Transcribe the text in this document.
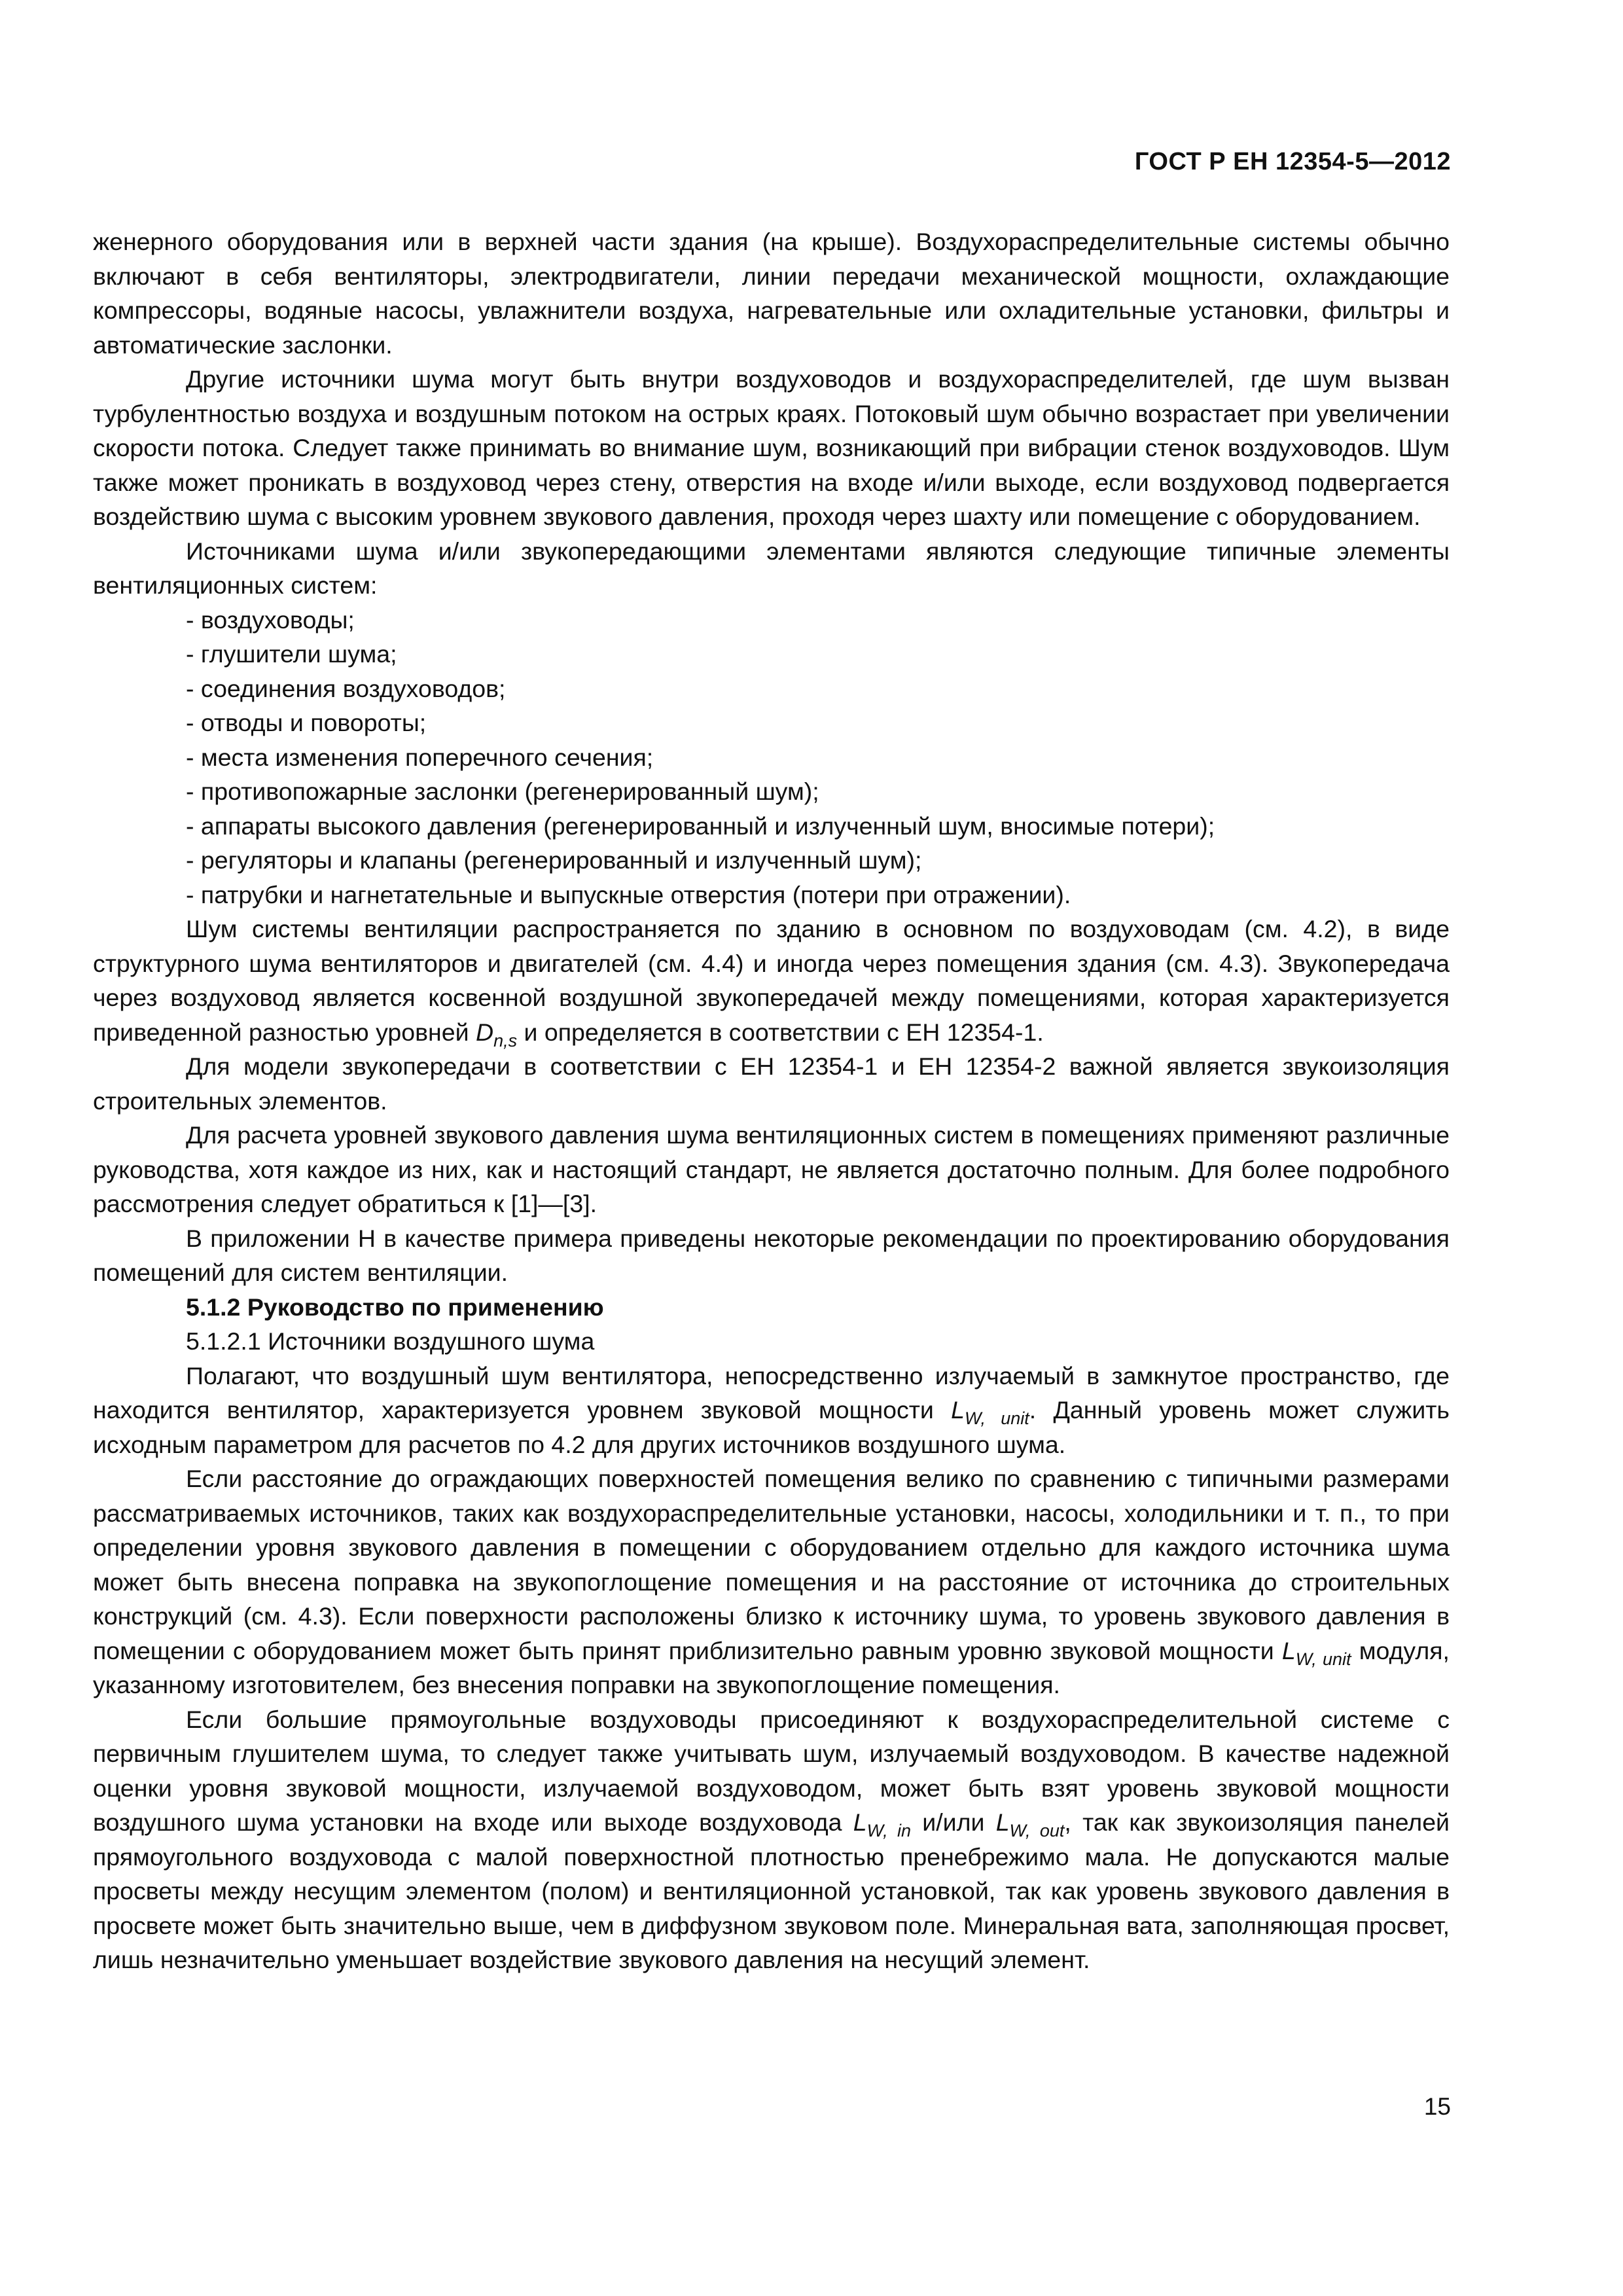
ГОСТ Р ЕН 12354-5—2012

женерного оборудования или в верхней части здания (на крыше). Воздухораспределительные системы обычно включают в себя вентиляторы, электродвигатели, линии передачи механической мощности, охлаждающие компрессоры, водяные насосы, увлажнители воздуха, нагревательные или охладительные установки, фильтры и автоматические заслонки.

Другие источники шума могут быть внутри воздуховодов и воздухораспределителей, где шум вызван турбулентностью воздуха и воздушным потоком на острых краях. Потоковый шум обычно возрастает при увеличении скорости потока. Следует также принимать во внимание шум, возникающий при вибрации стенок воздуховодов. Шум также может проникать в воздуховод через стену, отверстия на входе и/или выходе, если воздуховод подвергается воздействию шума с высоким уровнем звукового давления, проходя через шахту или помещение с оборудованием.

Источниками шума и/или звукопередающими элементами являются следующие типичные элементы вентиляционных систем:

- воздуховоды;

- глушители шума;

- соединения воздуховодов;

- отводы и повороты;

- места изменения поперечного сечения;

- противопожарные заслонки (регенерированный шум);

- аппараты высокого давления (регенерированный и излученный шум, вносимые потери);

- регуляторы и клапаны (регенерированный и излученный шум);

- патрубки и нагнетательные и выпускные отверстия (потери при отражении).

Шум системы вентиляции распространяется по зданию в основном по воздуховодам (см. 4.2), в виде структурного шума вентиляторов и двигателей (см. 4.4) и иногда через помещения здания (см. 4.3). Звукопередача через воздуховод является косвенной воздушной звукопередачей между помещениями, которая характеризуется приведенной разностью уровней $D_{n,s}$ и определяется в соответствии с ЕН 12354-1.

Для модели звукопередачи в соответствии с ЕН 12354-1 и ЕН 12354-2 важной является звукоизоляция строительных элементов.

Для расчета уровней звукового давления шума вентиляционных систем в помещениях применяют различные руководства, хотя каждое из них, как и настоящий стандарт, не является достаточно полным. Для более подробного рассмотрения следует обратиться к [1]—[3].

В приложении Н в качестве примера приведены некоторые рекомендации по проектированию оборудования помещений для систем вентиляции.

5.1.2 Руководство по применению

5.1.2.1 Источники воздушного шума

Полагают, что воздушный шум вентилятора, непосредственно излучаемый в замкнутое пространство, где находится вентилятор, характеризуется уровнем звуковой мощности $L_{W, unit}$. Данный уровень может служить исходным параметром для расчетов по 4.2 для других источников воздушного шума.

Если расстояние до ограждающих поверхностей помещения велико по сравнению с типичными размерами рассматриваемых источников, таких как воздухораспределительные установки, насосы, холодильники и т. п., то при определении уровня звукового давления в помещении с оборудованием отдельно для каждого источника шума может быть внесена поправка на звукопоглощение помещения и на расстояние от источника до строительных конструкций (см. 4.3). Если поверхности расположены близко к источнику шума, то уровень звукового давления в помещении с оборудованием может быть принят приблизительно равным уровню звуковой мощности $L_{W, unit}$ модуля, указанному изготовителем, без внесения поправки на звукопоглощение помещения.

Если большие прямоугольные воздуховоды присоединяют к воздухораспределительной системе с первичным глушителем шума, то следует также учитывать шум, излучаемый воздуховодом. В качестве надежной оценки уровня звуковой мощности, излучаемой воздуховодом, может быть взят уровень звуковой мощности воздушного шума установки на входе или выходе воздуховода $L_{W, in}$ и/или $L_{W, out}$, так как звукоизоляция панелей прямоугольного воздуховода с малой поверхностной плотностью пренебрежимо мала. Не допускаются малые просветы между несущим элементом (полом) и вентиляционной установкой, так как уровень звукового давления в просвете может быть значительно выше, чем в диффузном звуковом поле. Минеральная вата, заполняющая просвет, лишь незначительно уменьшает воздействие звукового давления на несущий элемент.

15
